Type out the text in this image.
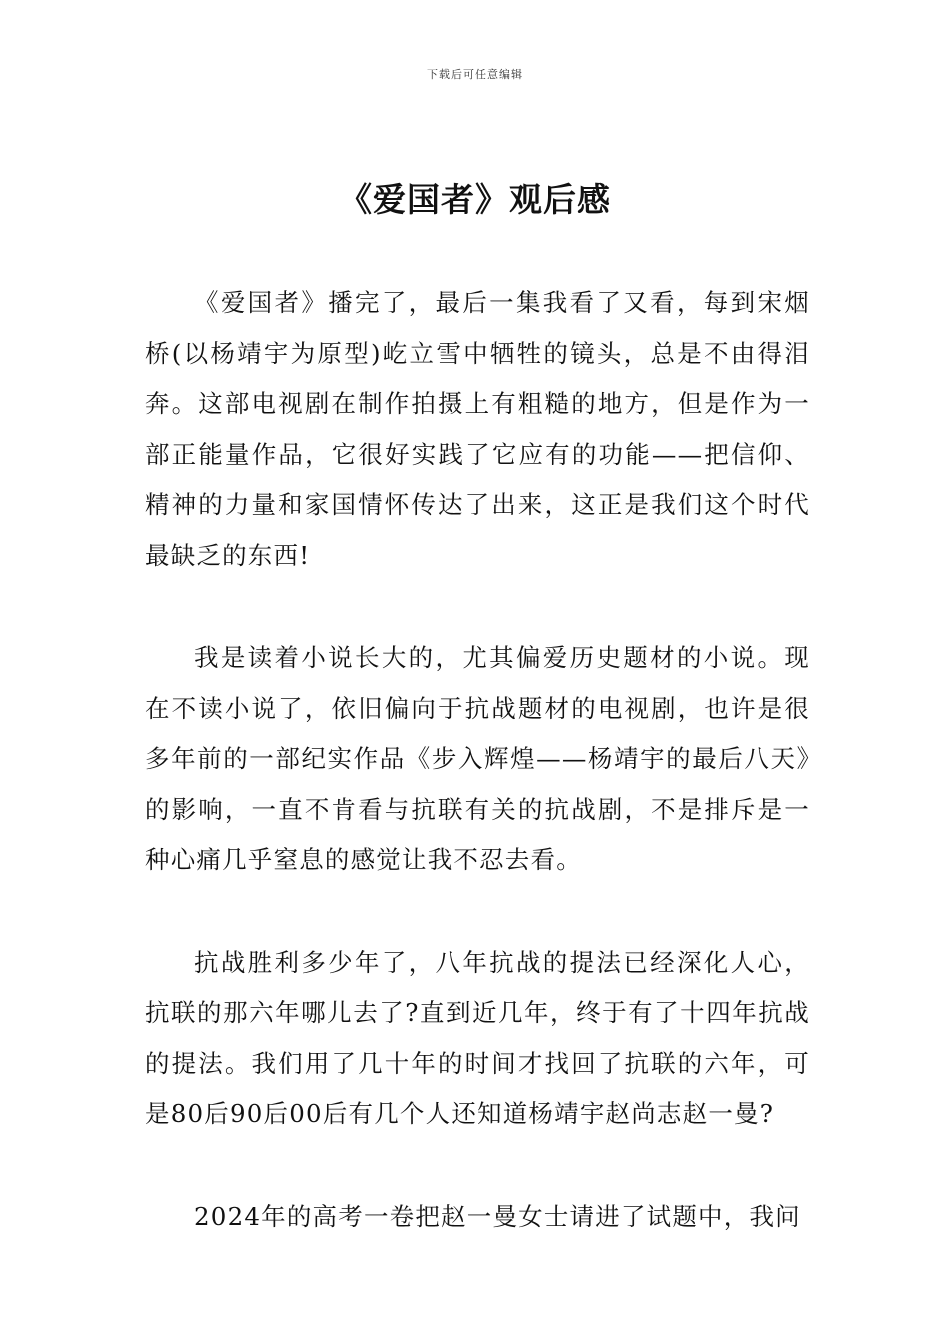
下载后可任意编辑
《爱国者》观后感

《爱国者》播完了，最后一集我看了又看，每到宋烟桥(以杨靖宇为原型)屹立雪中牺牲的镜头，总是不由得泪奔。这部电视剧在制作拍摄上有粗糙的地方，但是作为一部正能量作品，它很好实践了它应有的功能——把信仰、精神的力量和家国情怀传达了出来，这正是我们这个时代最缺乏的东西!

我是读着小说长大的，尤其偏爱历史题材的小说。现在不读小说了，依旧偏向于抗战题材的电视剧，也许是很多年前的一部纪实作品《步入辉煌——杨靖宇的最后八天》的影响，一直不肯看与抗联有关的抗战剧，不是排斥是一种心痛几乎窒息的感觉让我不忍去看。

抗战胜利多少年了，八年抗战的提法已经深化人心，抗联的那六年哪儿去了?直到近几年，终于有了十四年抗战的提法。我们用了几十年的时间才找回了抗联的六年，可是80后90后00后有几个人还知道杨靖宇赵尚志赵一曼?

2024年的高考一卷把赵一曼女士请进了试题中，我问
